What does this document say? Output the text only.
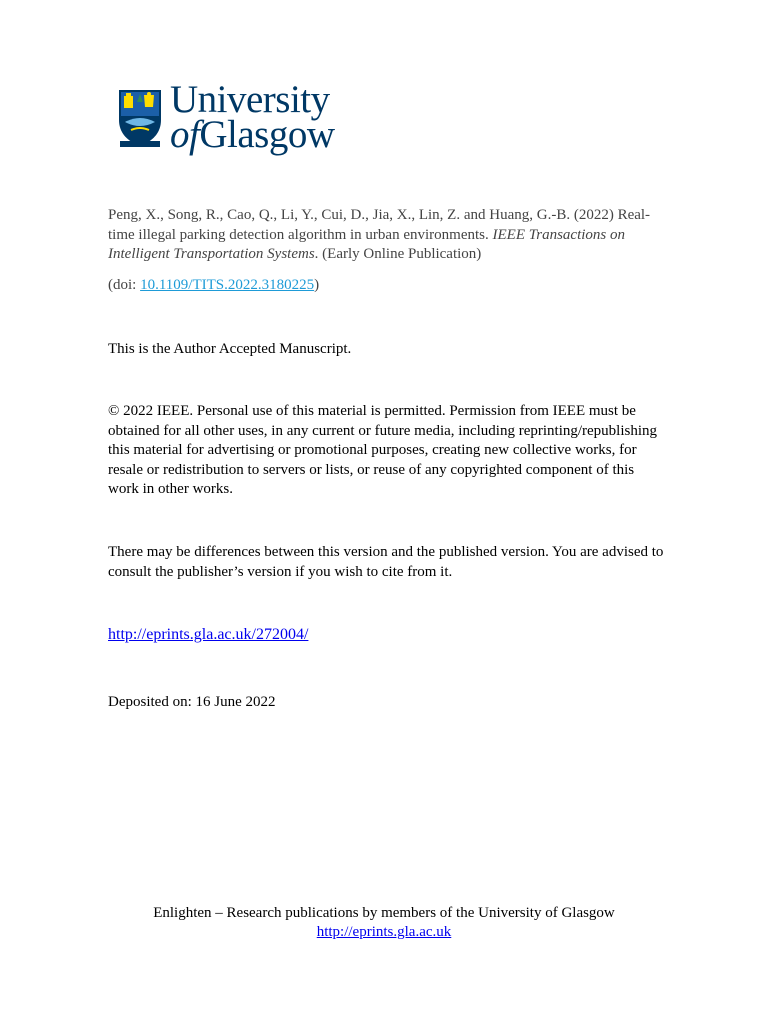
University
ofGlasgow
Peng, X., Song, R., Cao, Q., Li, Y., Cui, D., Jia, X., Lin, Z. and Huang, G.-B. (2022) Real-time illegal parking detection algorithm in urban environments. IEEE Transactions on Intelligent Transportation Systems. (Early Online Publication)
(doi: 10.1109/TITS.2022.3180225)
This is the Author Accepted Manuscript.
© 2022 IEEE. Personal use of this material is permitted. Permission from IEEE must be obtained for all other uses, in any current or future media, including reprinting/republishing this material for advertising or promotional purposes, creating new collective works, for resale or redistribution to servers or lists, or reuse of any copyrighted component of this work in other works.
There may be differences between this version and the published version. You are advised to consult the publisher’s version if you wish to cite from it.
http://eprints.gla.ac.uk/272004/
Deposited on: 16 June 2022
Enlighten – Research publications by members of the University of Glasgow
http://eprints.gla.ac.uk
